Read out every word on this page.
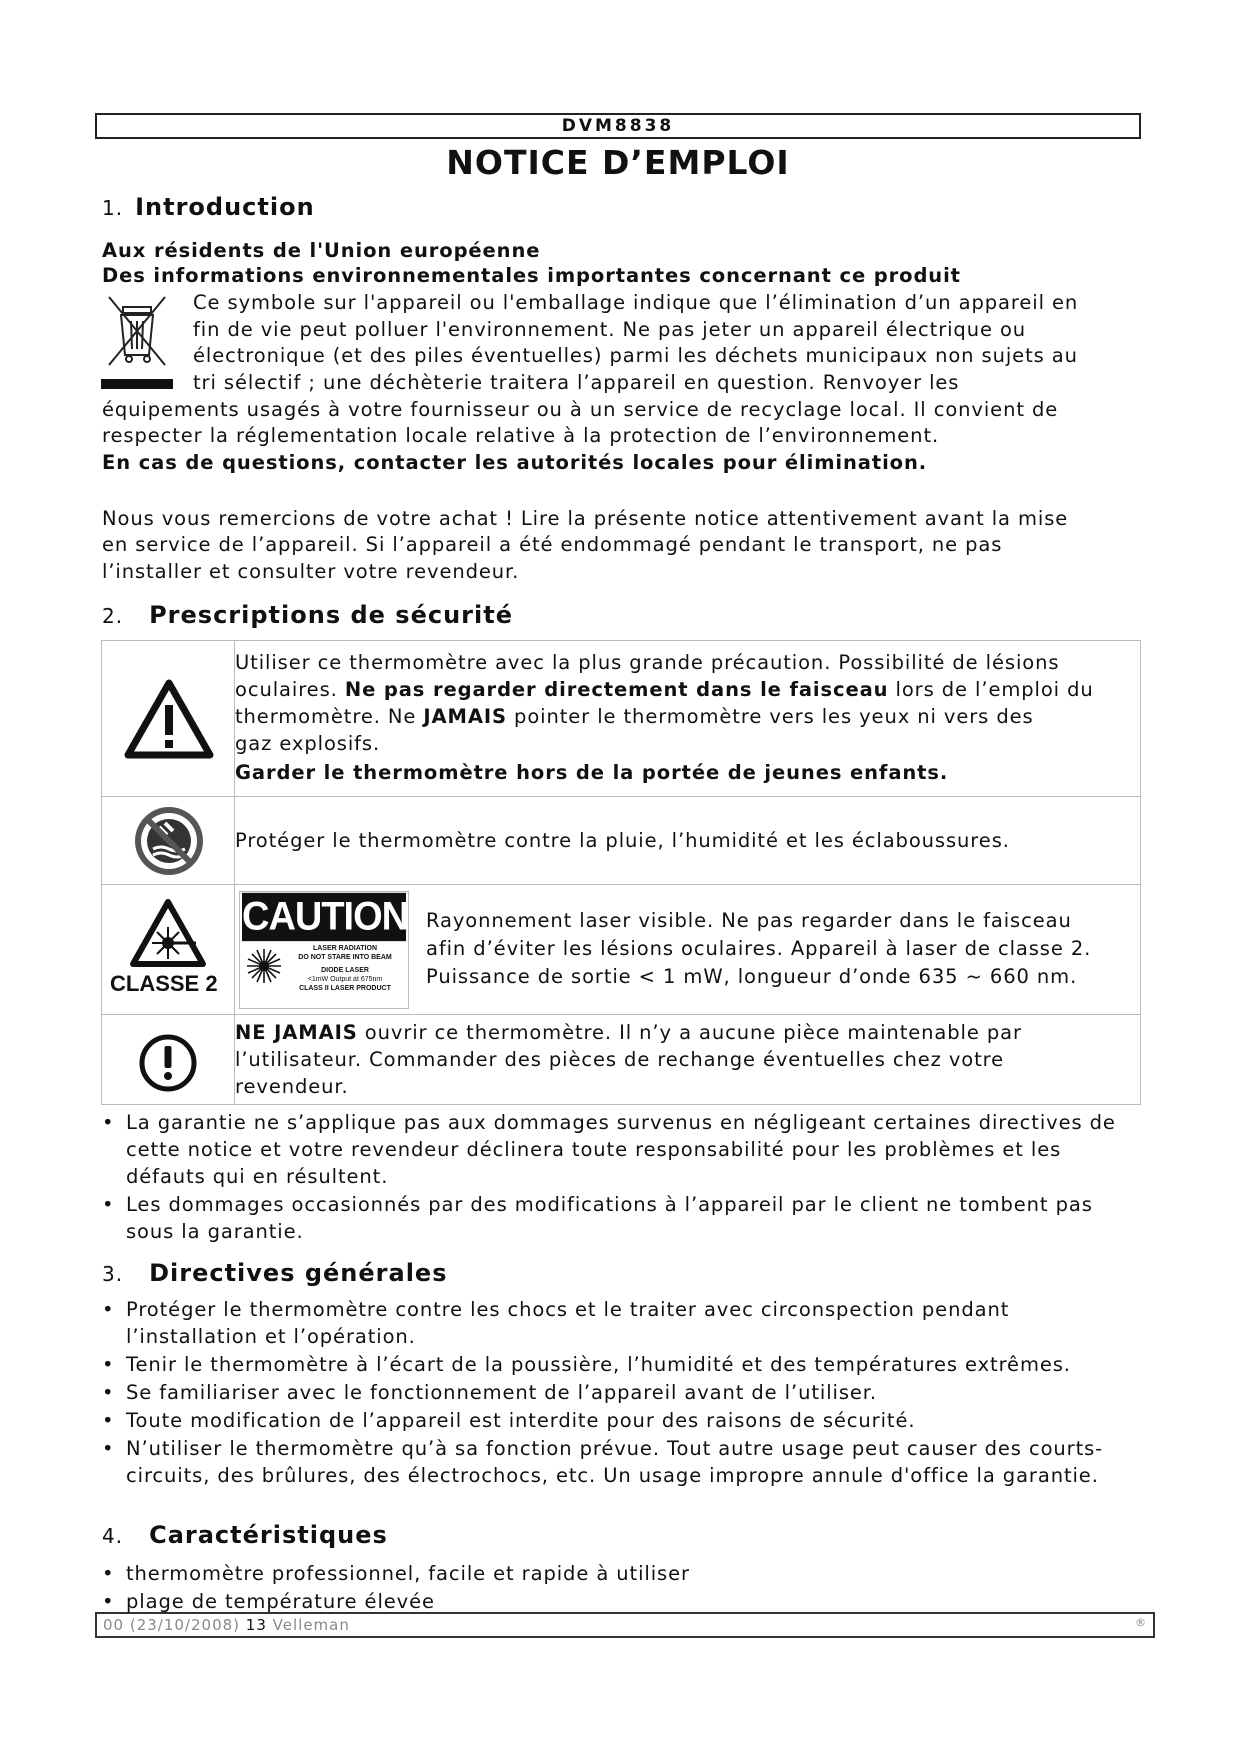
DVM8838
NOTICE D’EMPLOI
1. Introduction
Aux résidents de l'Union européenne
Des informations environnementales importantes concernant ce produit
Ce symbole sur l'appareil ou l'emballage indique que l’élimination d’un appareil en
fin de vie peut polluer l'environnement. Ne pas jeter un appareil électrique ou
électronique (et des piles éventuelles) parmi les déchets municipaux non sujets au
tri sélectif ; une déchèterie traitera l’appareil en question. Renvoyer les
équipements usagés à votre fournisseur ou à un service de recyclage local. Il convient de
respecter la réglementation locale relative à la protection de l’environnement.
En cas de questions, contacter les autorités locales pour élimination.
Nous vous remercions de votre achat ! Lire la présente notice attentivement avant la mise
en service de l’appareil. Si l’appareil a été endommagé pendant le transport, ne pas
l’installer et consulter votre revendeur.
2. Prescriptions de sécurité
Utiliser ce thermomètre avec la plus grande précaution. Possibilité de lésions
oculaires. Ne pas regarder directement dans le faisceau lors de l’emploi du
thermomètre. Ne JAMAIS pointer le thermomètre vers les yeux ni vers des
gaz explosifs.
Garder le thermomètre hors de la portée de jeunes enfants.
Protéger le thermomètre contre la pluie, l’humidité et les éclaboussures.
CLASSE 2
CAUTION
LASER RADIATION
DO NOT STARE INTO BEAM
DIODE LASER
<1mW Output at 675nm
CLASS II LASER PRODUCT
Rayonnement laser visible. Ne pas regarder dans le faisceau
afin d’éviter les lésions oculaires. Appareil à laser de classe 2.
Puissance de sortie < 1 mW, longueur d’onde 635 ~ 660 nm.
NE JAMAIS ouvrir ce thermomètre. Il n’y a aucune pièce maintenable par
l’utilisateur. Commander des pièces de rechange éventuelles chez votre
revendeur.
• La garantie ne s’applique pas aux dommages survenus en négligeant certaines directives de cette notice et votre revendeur déclinera toute responsabilité pour les problèmes et les défauts qui en résultent.
• Les dommages occasionnés par des modifications à l’appareil par le client ne tombent pas sous la garantie.
3. Directives générales
• Protéger le thermomètre contre les chocs et le traiter avec circonspection pendant l’installation et l’opération.
• Tenir le thermomètre à l’écart de la poussière, l’humidité et des températures extrêmes.
• Se familiariser avec le fonctionnement de l’appareil avant de l’utiliser.
• Toute modification de l’appareil est interdite pour des raisons de sécurité.
• N’utiliser le thermomètre qu’à sa fonction prévue. Tout autre usage peut causer des courts-circuits, des brûlures, des électrochocs, etc. Un usage impropre annule d'office la garantie.
4. Caractéristiques
• thermomètre professionnel, facile et rapide à utiliser
• plage de température élevée
00 (23/10/2008) 13 Velleman	®
